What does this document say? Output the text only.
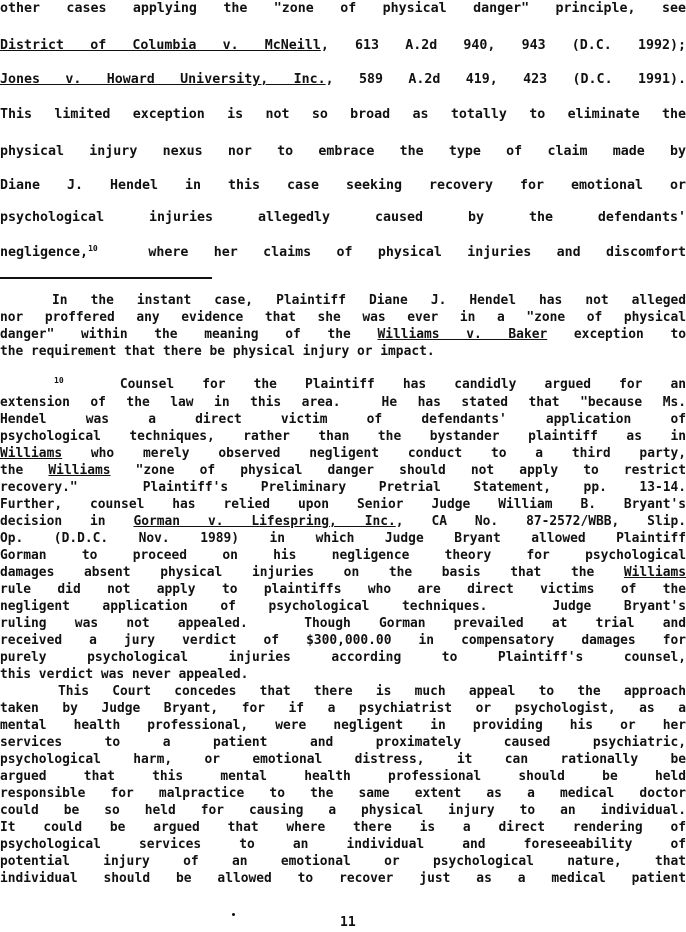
other cases applying the "zone of physical danger" principle, see
District of Columbia v. McNeill, 613 A.2d 940, 943 (D.C. 1992);
Jones v. Howard University, Inc., 589 A.2d 419, 423 (D.C. 1991).
This limited exception is not so broad as totally to eliminate the
physical injury nexus nor to embrace the type of claim made by
Diane J. Hendel in this case seeking recovery for emotional or
psychological injuries allegedly caused by the defendants'
negligence,$^{10}$  where her claims of physical injuries and discomfort
In the instant case, Plaintiff Diane J. Hendel has not alleged
nor proffered any evidence that she was ever in a "zone of physical
danger" within the meaning of the Williams v. Baker exception to
the requirement that there be physical injury or impact.
$^{10}$  Counsel for the Plaintiff has candidly argued for an
extension of the law in this area.  He has stated that "because Ms.
Hendel was a direct victim of defendants' application of
psychological techniques, rather than the bystander plaintiff as in
Williams who merely observed negligent conduct to a third party,
the Williams "zone of physical danger should not apply to restrict
recovery."  Plaintiff's Preliminary Pretrial Statement, pp. 13-14.
Further, counsel has relied upon Senior Judge William B. Bryant's
decision in Gorman v. Lifespring, Inc., CA No. 87-2572/WBB, Slip.
Op. (D.D.C. Nov. 1989) in which Judge Bryant allowed Plaintiff
Gorman to proceed on his negligence theory for psychological
damages absent physical injuries on the basis that the Williams
rule did not apply to plaintiffs who are direct victims of the
negligent application of psychological techniques.  Judge Bryant's
ruling was not appealed.  Though Gorman prevailed at trial and
received a jury verdict of $300,000.00 in compensatory damages for
purely psychological injuries according to Plaintiff's counsel,
this verdict was never appealed.
This Court concedes that there is much appeal to the approach
taken by Judge Bryant, for if a psychiatrist or psychologist, as a
mental health professional, were negligent in providing his or her
services to a patient and proximately caused psychiatric,
psychological harm, or emotional distress, it can rationally be
argued that this mental health professional should be held
responsible for malpractice to the same extent as a medical doctor
could be so held for causing a physical injury to an individual.
It could be argued that where there is a direct rendering of
psychological services to an individual and foreseeability of
potential injury of an emotional or psychological nature, that
individual should be allowed to recover just as a medical patient
11
